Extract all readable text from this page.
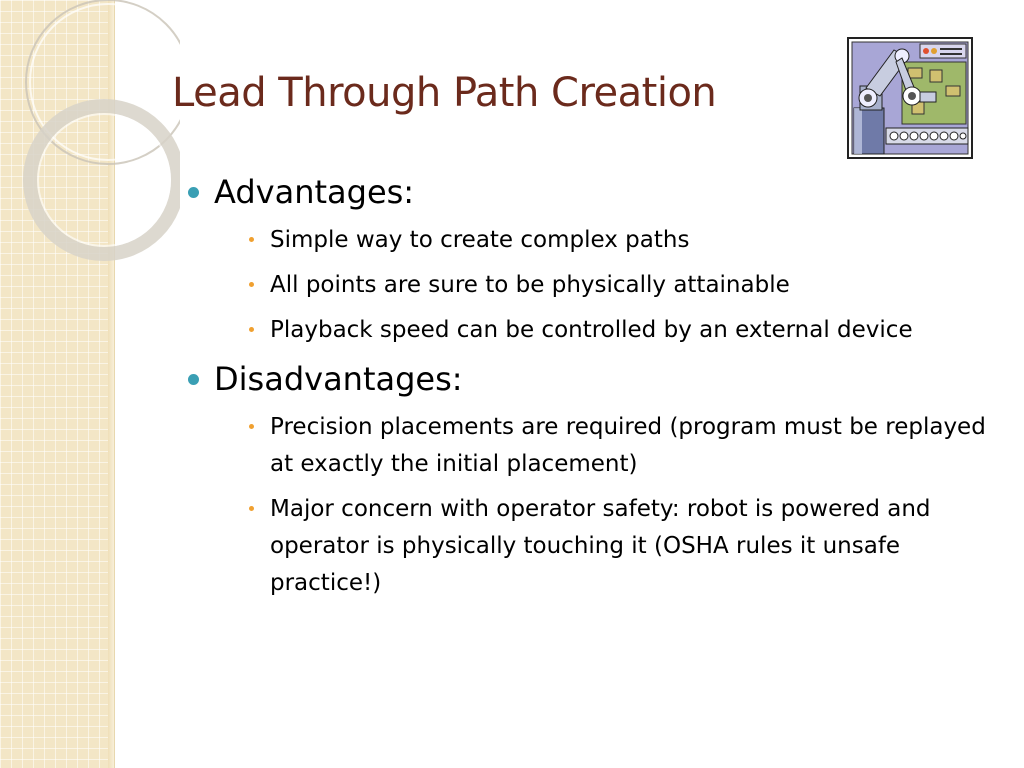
Lead Through Path Creation
Advantages:
Simple way to create complex paths
All points are sure to be physically attainable
Playback speed can be controlled by an external device
Disadvantages:
Precision placements are required (program must be replayed at exactly the initial placement)
Major concern with operator safety: robot is powered and operator is physically touching it (OSHA rules it unsafe practice!)
